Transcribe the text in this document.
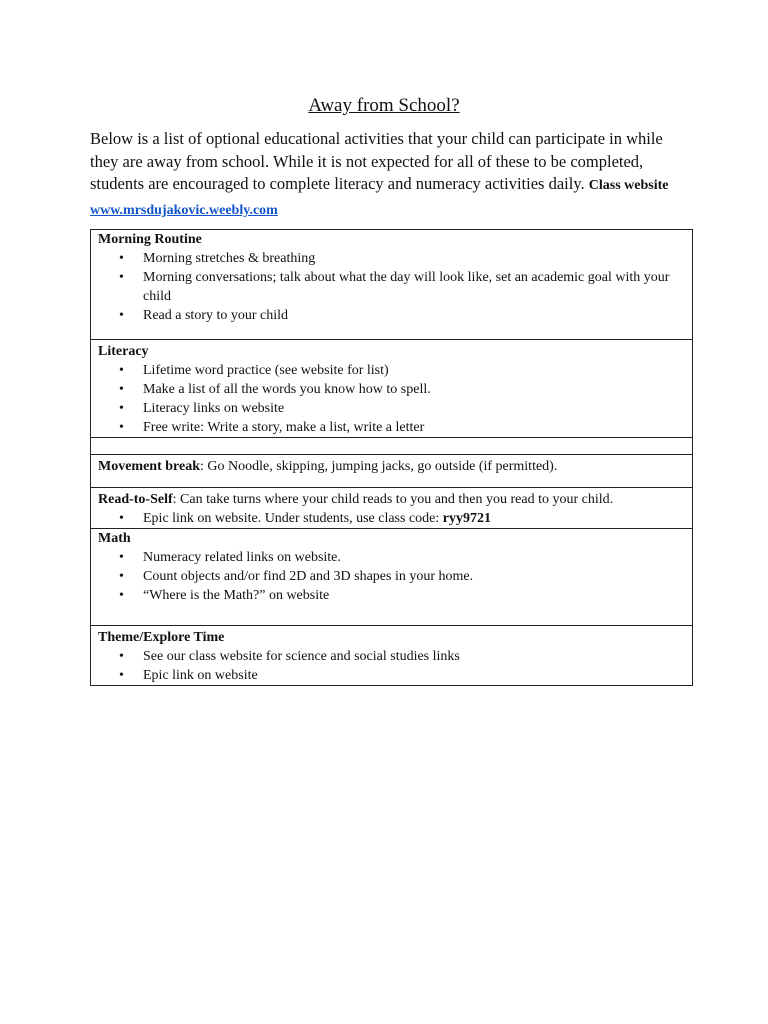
Away from School?
Below is a list of optional educational activities that your child can participate in while they are away from school. While it is not expected for all of these to be completed, students are encouraged to complete literacy and numeracy activities daily. Class website www.mrsdujakovic.weebly.com
Morning Routine
• Morning stretches & breathing
• Morning conversations; talk about what the day will look like, set an academic goal with your child
• Read a story to your child

Literacy
• Lifetime word practice (see website for list)
• Make a list of all the words you know how to spell.
• Literacy links on website
• Free write: Write a story, make a list, write a letter

Movement break: Go Noodle, skipping, jumping jacks, go outside (if permitted).
Read-to-Self: Can take turns where your child reads to you and then you read to your child.
• Epic link on website. Under students, use class code: ryy9721

Math
• Numeracy related links on website.
• Count objects and/or find 2D and 3D shapes in your home.
• “Where is the Math?” on website

Theme/Explore Time
• See our class website for science and social studies links
• Epic link on website
